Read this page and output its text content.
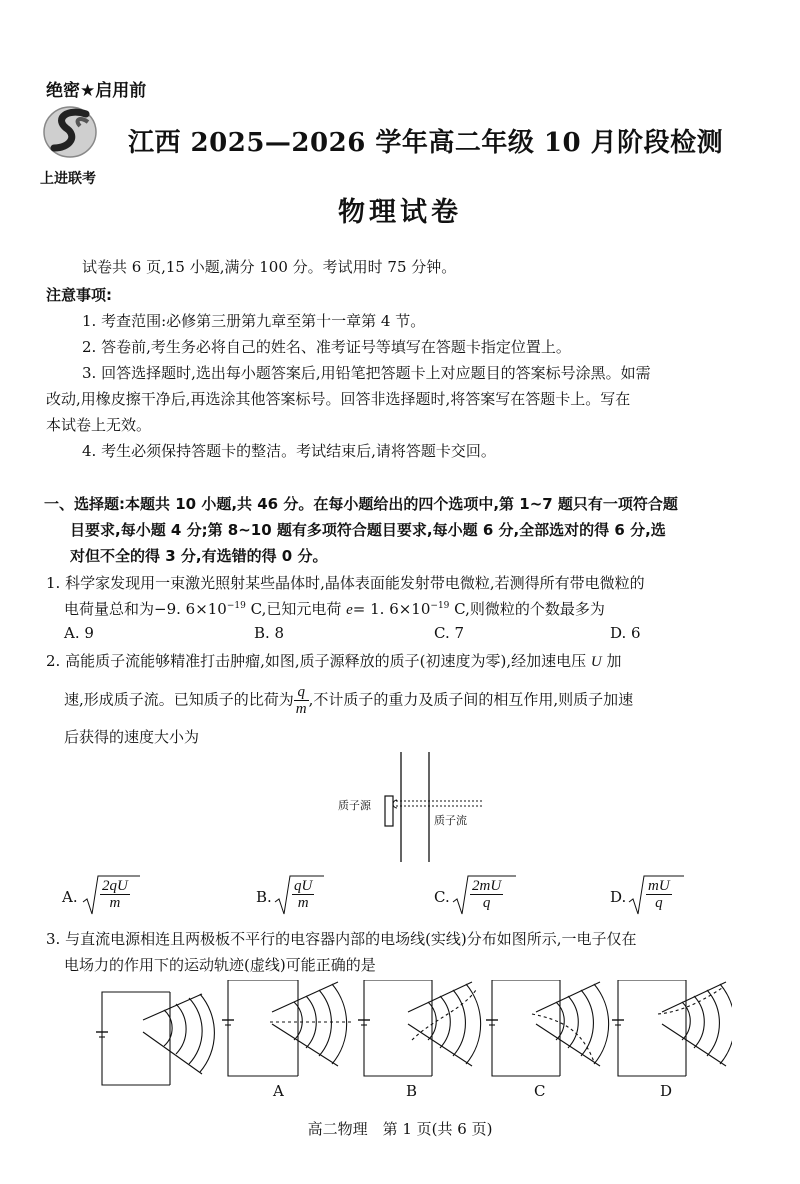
绝密★启用前
上进联考
江西 2025—2026 学年高二年级 10 月阶段检测
物理试卷
试卷共 6 页,15 小题,满分 100 分。考试用时 75 分钟。
注意事项:
1. 考查范围:必修第三册第九章至第十一章第 4 节。
2. 答卷前,考生务必将自己的姓名、准考证号等填写在答题卡指定位置上。
3. 回答选择题时,选出每小题答案后,用铅笔把答题卡上对应题目的答案标号涂黑。如需
改动,用橡皮擦干净后,再选涂其他答案标号。回答非选择题时,将答案写在答题卡上。写在
本试卷上无效。
4. 考生必须保持答题卡的整洁。考试结束后,请将答题卡交回。
一、选择题:本题共 10 小题,共 46 分。在每小题给出的四个选项中,第 1~7 题只有一项符合题
目要求,每小题 4 分;第 8~10 题有多项符合题目要求,每小题 6 分,全部选对的得 6 分,选
对但不全的得 3 分,有选错的得 0 分。
1. 科学家发现用一束激光照射某些晶体时,晶体表面能发射带电微粒,若测得所有带电微粒的
电荷量总和为−9. $6\times 10^{-19}$ C,已知元电荷 e= 1. $6\times 10^{-19}$ C,则微粒的个数最多为
A. 9	B. 8	C. 7	D. 6
2. 高能质子流能够精准打击肿瘤,如图,质子源释放的质子(初速度为零),经加速电压 U 加
速,形成质子流。已知质子的比荷为 $\frac{q}{m}$ ,不计质子的重力及质子间的相互作用,则质子加速
后获得的速度大小为
质子源
质子流
A. $\frac{2qU}{m}$	B. $\frac{qU}{m}$	C. $\frac{2mU}{q}$	D. $\frac{mU}{q}$
3. 与直流电源相连且两极板不平行的电容器内部的电场线(实线)分布如图所示,一电子仅在
电场力的作用下的运动轨迹(虚线)可能正确的是
A	B	C	D
高二物理　第 1 页(共 6 页)
